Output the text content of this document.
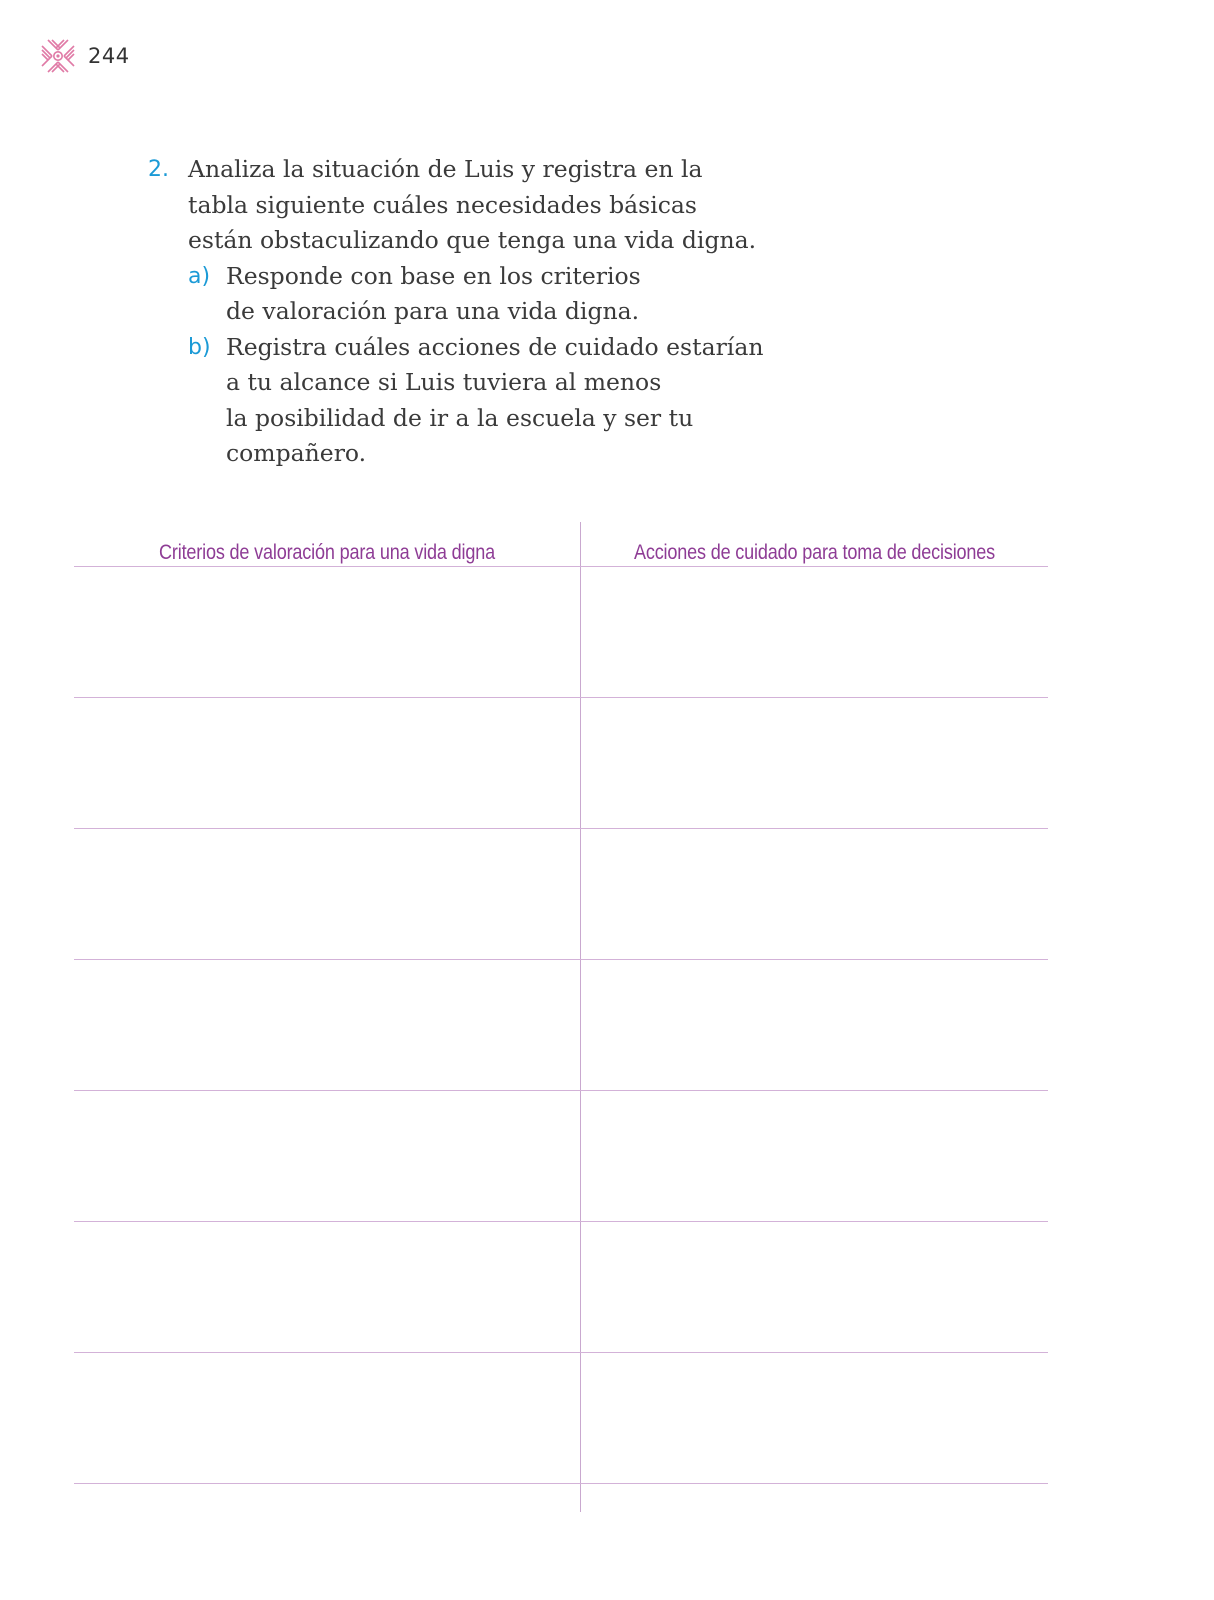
244
2. Analiza la situación de Luis y registra en la
tabla siguiente cuáles necesidades básicas
están obstaculizando que tenga una vida digna.
a) Responde con base en los criterios
de valoración para una vida digna.
b) Registra cuáles acciones de cuidado estarían
a tu alcance si Luis tuviera al menos
la posibilidad de ir a la escuela y ser tu
compañero.
Criterios de valoración para una vida digna	Acciones de cuidado para toma de decisiones
